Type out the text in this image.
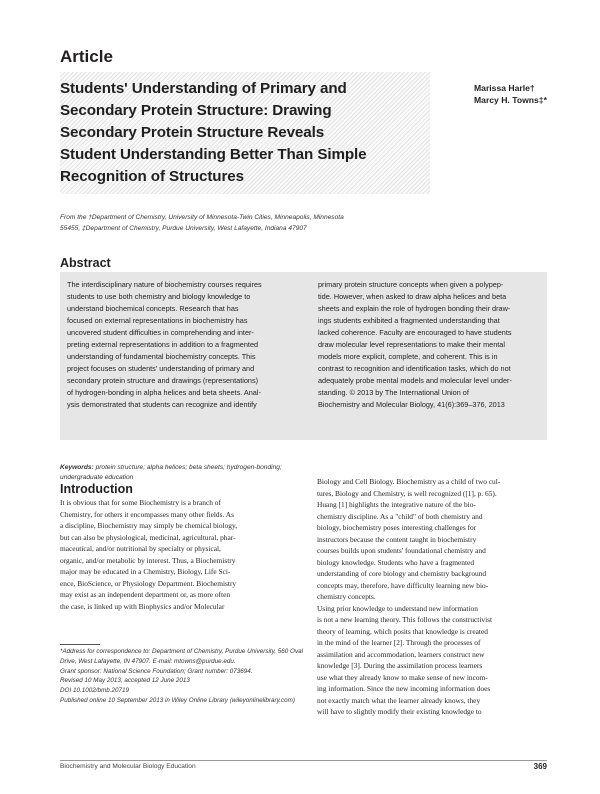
Article
Students' Understanding of Primary and
Secondary Protein Structure: Drawing
Secondary Protein Structure Reveals
Student Understanding Better Than Simple
Recognition of Structures
Marissa Harle†
Marcy H. Towns‡*
From the †Department of Chemistry, University of Minnesota-Twin Cities, Minneapolis, Minnesota 55455, ‡Department of Chemistry, Purdue University, West Lafayette, Indiana 47907
Abstract
The interdisciplinary nature of biochemistry courses requires
students to use both chemistry and biology knowledge to
understand biochemical concepts. Research that has
focused on external representations in biochemistry has
uncovered student difficulties in comprehending and inter-
preting external representations in addition to a fragmented
understanding of fundamental biochemistry concepts. This
project focuses on students' understanding of primary and
secondary protein structure and drawings (representations)
of hydrogen-bonding in alpha helices and beta sheets. Anal-
ysis demonstrated that students can recognize and identify
primary protein structure concepts when given a polypep-
tide. However, when asked to draw alpha helices and beta
sheets and explain the role of hydrogen bonding their draw-
ings students exhibited a fragmented understanding that
lacked coherence. Faculty are encouraged to have students
draw molecular level representations to make their mental
models more explicit, complete, and coherent. This is in
contrast to recognition and identification tasks, which do not
adequately probe mental models and molecular level under-
standing. © 2013 by The International Union of
Biochemistry and Molecular Biology, 41(6):369–376, 2013
Keywords: protein structure; alpha helices; beta sheets; hydrogen-bonding; undergraduate education
Introduction
It is obvious that for some Biochemistry is a branch of
Chemistry, for others it encompasses many other fields. As
a discipline, Biochemistry may simply be chemical biology,
but can also be physiological, medicinal, agricultural, phar-
maceutical, and/or nutritional by specialty or physical,
organic, and/or metabolic by interest. Thus, a Biochemistry
major may be educated in a Chemistry, Biology, Life Sci-
ence, BioScience, or Physiology Department. Biochemistry
may exist as an independent department or, as more often
the case, is linked up with Biophysics and/or Molecular
Biology and Cell Biology. Biochemistry as a child of two cul-
tures, Biology and Chemistry, is well recognized ([1], p. 65).
Huang [1] highlights the integrative nature of the bio-
chemistry discipline. As a "child" of both chemistry and
biology, biochemistry poses interesting challenges for
instructors because the content taught in biochemistry
courses builds upon students' foundational chemistry and
biology knowledge. Students who have a fragmented
understanding of core biology and chemistry background
concepts may, therefore, have difficulty learning new bio-
chemistry concepts.
Using prior knowledge to understand new information
is not a new learning theory. This follows the constructivist
theory of learning, which posits that knowledge is created
in the mind of the learner [2]. Through the processes of
assimilation and accommodation, learners construct new
knowledge [3]. During the assimilation process learners
use what they already know to make sense of new incom-
ing information. Since the new incoming information does
not exactly match what the learner already knows, they
will have to slightly modify their existing knowledge to
*Address for correspondence to: Department of Chemistry, Purdue University, 560 Oval Drive, West Lafayette, IN 47907. E-mail: mtowns@purdue.edu.
Grant sponsor: National Science Foundation; Grant number: 073694.
Revised 10 May 2013; accepted 12 June 2013
DOI 10.1002/bmb.20719
Published online 10 September 2013 in Wiley Online Library (wileyonlinelibrary.com)
Biochemistry and Molecular Biology Education	369
